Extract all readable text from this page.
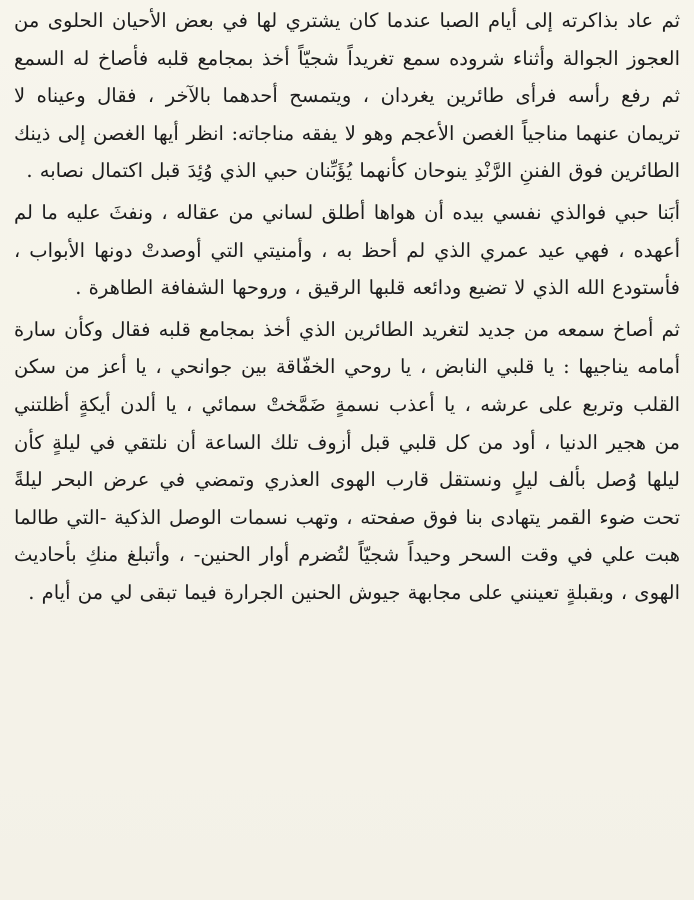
ثم عاد بذاكرته إلى أيام الصبا عندما كان يشتري لها في بعض الأحيان الحلوى من العجوز الجوالة وأثناء شروده سمع تغريداً شجيّاً أخذ بمجامع قلبه فأصاخ له السمع ثم رفع رأسه فرأى طائرين يغردان ، ويتمسح أحدهما بالآخر ، فقال وعيناه لا تريمان عنهما مناجياً الغصن الأعجم وهو لا يفقه مناجاته: انظر أيها الغصن إلى ذينك الطائرين فوق الفننِ الرَّنْدِ ينوحان كأنهما يُؤَبِّنان حبي الذي وُئِدَ قبل اكتمال نصابه .

أبَنا حبي فوالذي نفسي بيده أن هواها أطلق لساني من عقاله ، ونفثَ عليه ما لم أعهده ، فهي عيد عمري الذي لم أحظ به ، وأمنيتي التي أوصدتْ دونها الأبواب ، فأستودع الله الذي لا تضيع ودائعه قلبها الرقيق ، وروحها الشفافة الطاهرة .

ثم أصاخ سمعه من جديد لتغريد الطائرين الذي أخذ بمجامع قلبه فقال وكأن سارة أمامه يناجيها : يا قلبي النابض ، يا روحي الخفّاقة بين جوانحي ، يا أعز من سكن القلب وتربع على عرشه ، يا أعذب نسمةٍ ضَمَّختْ سمائي ، يا ألدن أيكةٍ أظلتني من هجير الدنيا ، أود من كل قلبي قبل أزوف تلك الساعة أن نلتقي في ليلةٍ كأن ليلها وُصل بألف ليلٍ ونستقل قارب الهوى العذري وتمضي في عرض البحر ليلةً تحت ضوء القمر يتهادى بنا فوق صفحته ، وتهب نسمات الوصل الذكية -التي طالما هبت علي في وقت السحر وحيداً شجيّاً لتُضرم أوار الحنين- ، وأتبلغ منكِ بأحاديث الهوى ، وبقبلةٍ تعينني على مجابهة جيوش الحنين الجرارة فيما تبقى لي من أيام .
